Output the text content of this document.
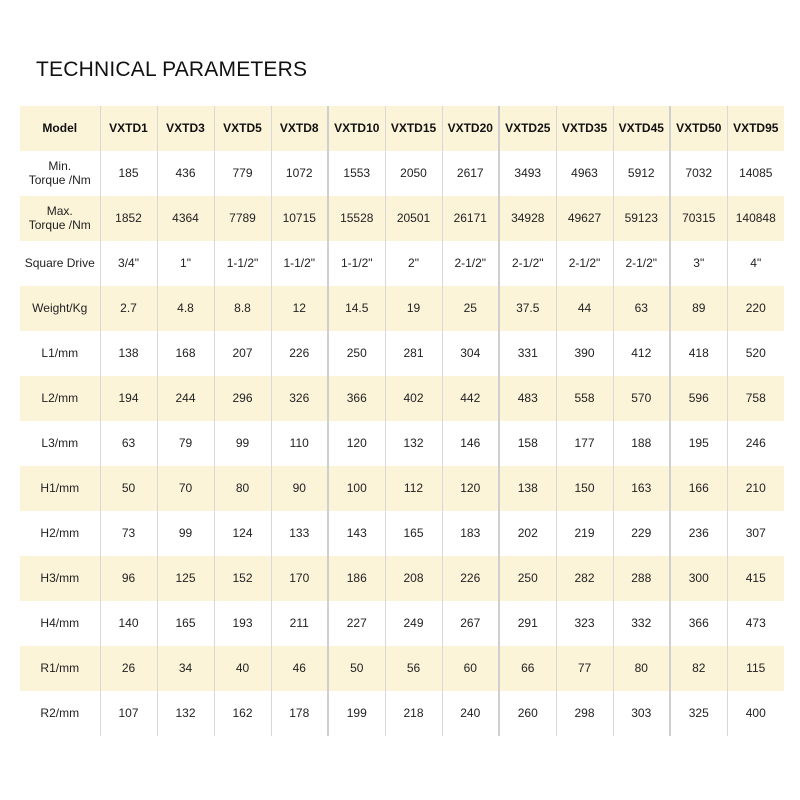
TECHNICAL PARAMETERS
Model	VXTD1	VXTD3	VXTD5	VXTD8	VXTD10	VXTD15	VXTD20	VXTD25	VXTD35	VXTD45	VXTD50	VXTD95
Min.
Torque /Nm	185	436	779	1072	1553	2050	2617	3493	4963	5912	7032	14085
Max.
Torque /Nm	1852	4364	7789	10715	15528	20501	26171	34928	49627	59123	70315	140848
Square Drive	3/4"	1"	1-1/2"	1-1/2"	1-1/2"	2"	2-1/2"	2-1/2"	2-1/2"	2-1/2"	3"	4"
Weight/Kg	2.7	4.8	8.8	12	14.5	19	25	37.5	44	63	89	220
L1/mm	138	168	207	226	250	281	304	331	390	412	418	520
L2/mm	194	244	296	326	366	402	442	483	558	570	596	758
L3/mm	63	79	99	110	120	132	146	158	177	188	195	246
H1/mm	50	70	80	90	100	112	120	138	150	163	166	210
H2/mm	73	99	124	133	143	165	183	202	219	229	236	307
H3/mm	96	125	152	170	186	208	226	250	282	288	300	415
H4/mm	140	165	193	211	227	249	267	291	323	332	366	473
R1/mm	26	34	40	46	50	56	60	66	77	80	82	115
R2/mm	107	132	162	178	199	218	240	260	298	303	325	400
